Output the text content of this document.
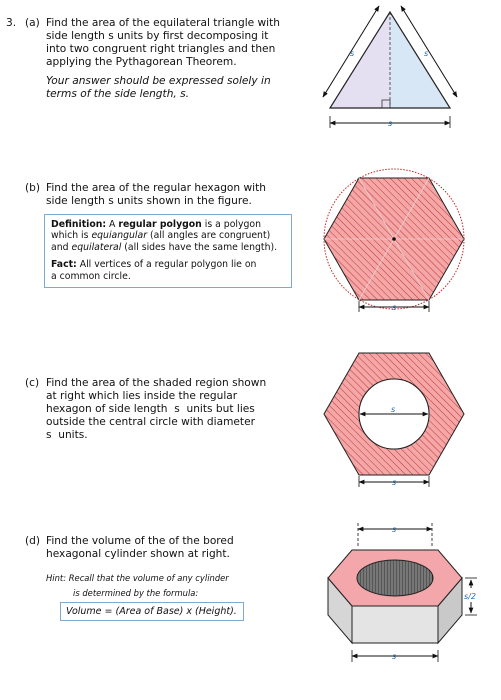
3. (a) Find the area of the equilateral triangle with
side length s units by first decomposing it
into two congruent right triangles and then
applying the Pythagorean Theorem.
Your answer should be expressed solely in
terms of the side length, s.
s	s
s
(b) Find the area of the regular hexagon with
side length s units shown in the figure.
Definition: A regular polygon is a polygon
which is equiangular (all angles are congruent)
and equilateral (all sides have the same length).
Fact: All vertices of a regular polygon lie on
a common circle.
s
(c) Find the area of the shaded region shown
at right which lies inside the regular
hexagon of side length  s  units but lies
outside the central circle with diameter
s  units.
s
s
(d) Find the volume of the of the bored
hexagonal cylinder shown at right.
Hint: Recall that the volume of any cylinder
is determined by the formula:
Volume = (Area of Base) x (Height).
s
s/2
s
